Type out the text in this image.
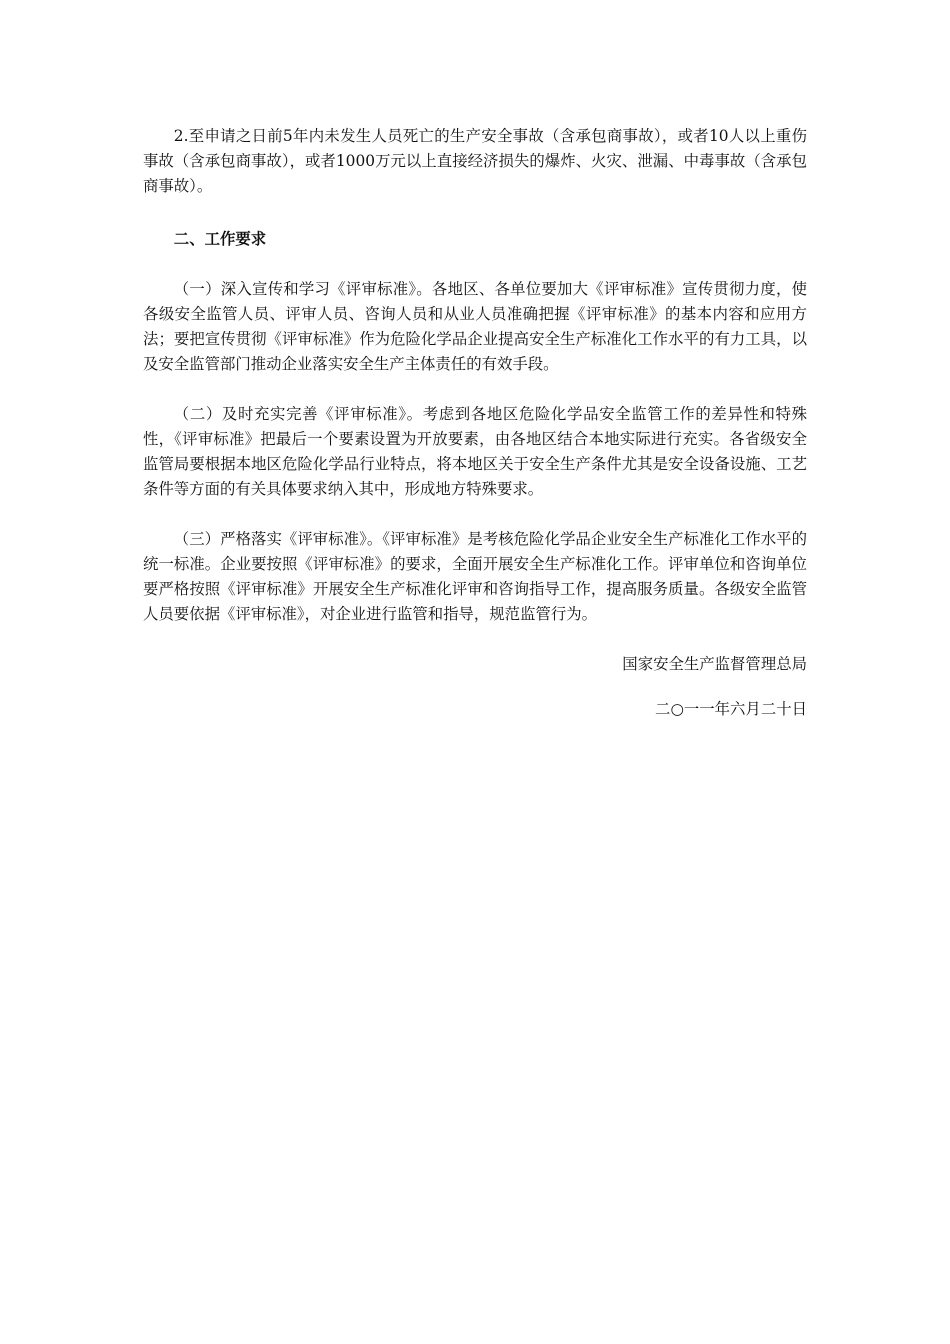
2.至申请之日前5年内未发生人员死亡的生产安全事故（含承包商事故），或者10人以上重伤事故（含承包商事故），或者1000万元以上直接经济损失的爆炸、火灾、泄漏、中毒事故（含承包商事故）。

二、工作要求

（一）深入宣传和学习《评审标准》。各地区、各单位要加大《评审标准》宣传贯彻力度，使各级安全监管人员、评审人员、咨询人员和从业人员准确把握《评审标准》的基本内容和应用方法；要把宣传贯彻《评审标准》作为危险化学品企业提高安全生产标准化工作水平的有力工具，以及安全监管部门推动企业落实安全生产主体责任的有效手段。

（二）及时充实完善《评审标准》。考虑到各地区危险化学品安全监管工作的差异性和特殊性，《评审标准》把最后一个要素设置为开放要素，由各地区结合本地实际进行充实。各省级安全监管局要根据本地区危险化学品行业特点，将本地区关于安全生产条件尤其是安全设备设施、工艺条件等方面的有关具体要求纳入其中，形成地方特殊要求。

（三）严格落实《评审标准》。《评审标准》是考核危险化学品企业安全生产标准化工作水平的统一标准。企业要按照《评审标准》的要求，全面开展安全生产标准化工作。评审单位和咨询单位要严格按照《评审标准》开展安全生产标准化评审和咨询指导工作，提高服务质量。各级安全监管人员要依据《评审标准》，对企业进行监管和指导，规范监管行为。

国家安全生产监督管理总局

二○一一年六月二十日
